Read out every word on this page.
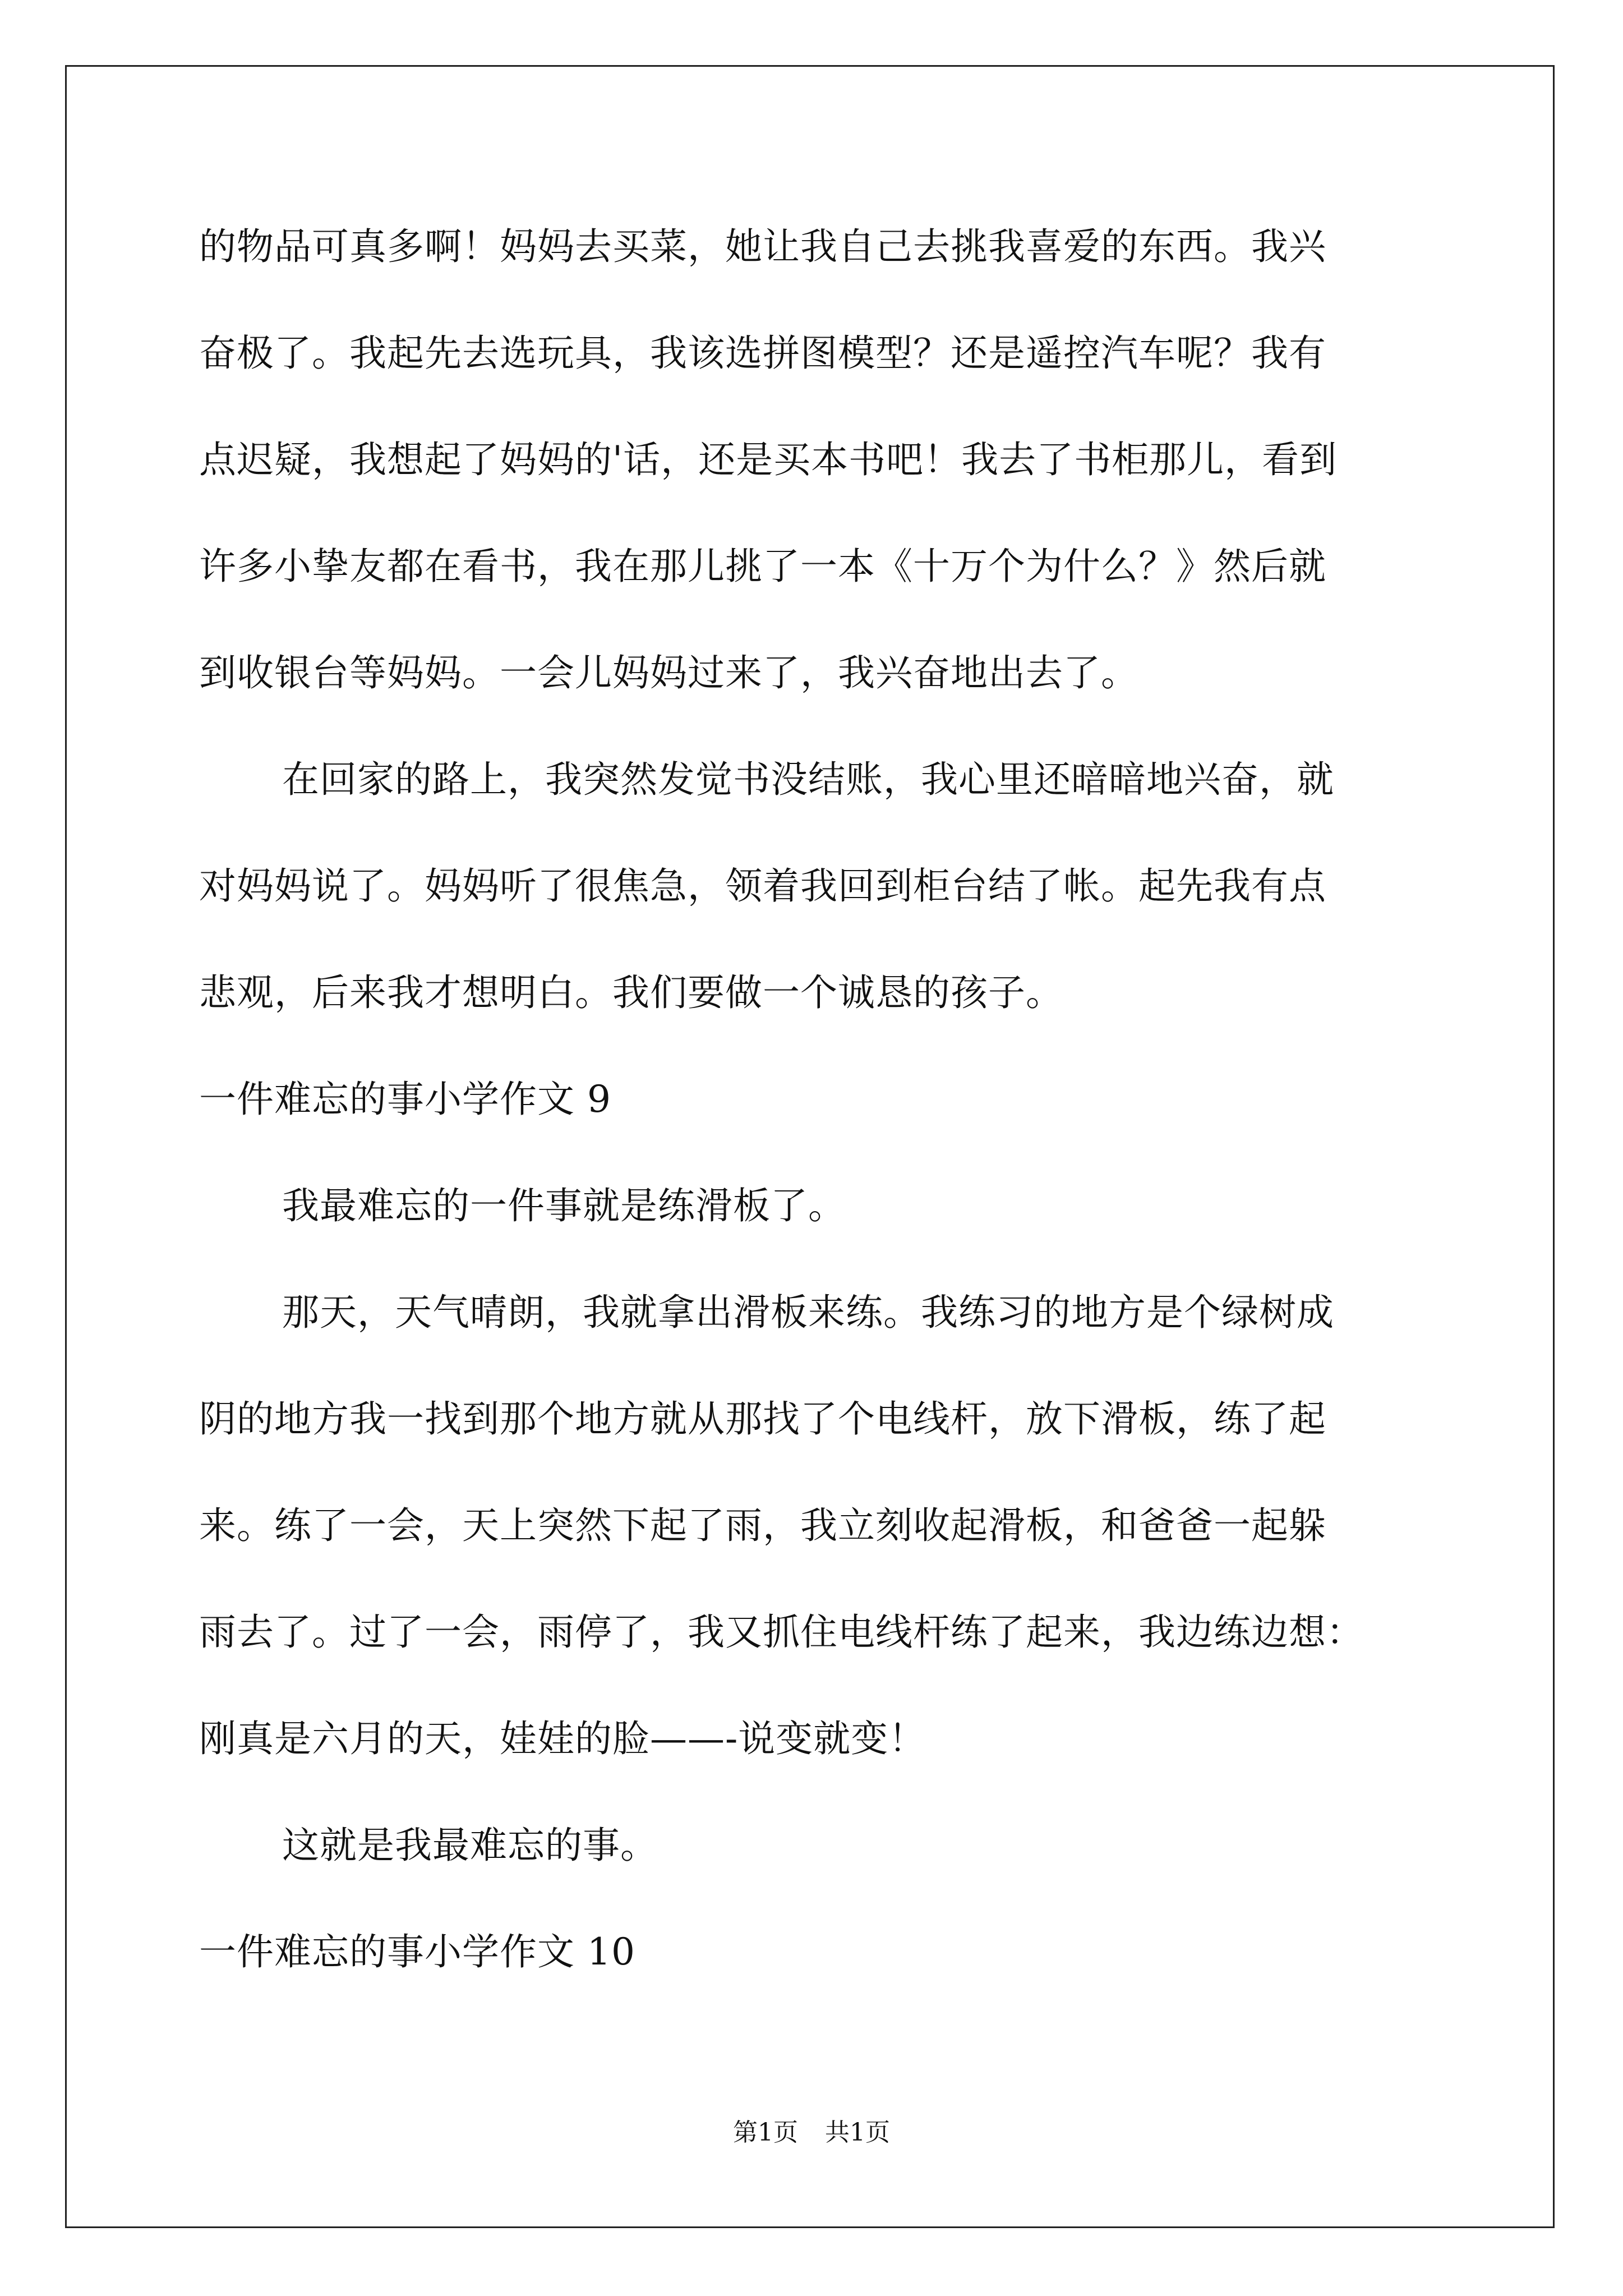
的物品可真多啊！妈妈去买菜，她让我自己去挑我喜爱的东西。我兴
奋极了。我起先去选玩具，我该选拼图模型？还是遥控汽车呢？我有
点迟疑，我想起了妈妈的'话，还是买本书吧！我去了书柜那儿，看到
许多小挚友都在看书，我在那儿挑了一本《十万个为什么？》然后就
到收银台等妈妈。一会儿妈妈过来了，我兴奋地出去了。
在回家的路上，我突然发觉书没结账，我心里还暗暗地兴奋，就
对妈妈说了。妈妈听了很焦急，领着我回到柜台结了帐。起先我有点
悲观，后来我才想明白。我们要做一个诚恳的孩子。
一件难忘的事小学作文 9
我最难忘的一件事就是练滑板了。
那天，天气晴朗，我就拿出滑板来练。我练习的地方是个绿树成
阴的地方我一找到那个地方就从那找了个电线杆，放下滑板，练了起
来。练了一会，天上突然下起了雨，我立刻收起滑板，和爸爸一起躲
雨去了。过了一会，雨停了，我又抓住电线杆练了起来，我边练边想：
刚真是六月的天，娃娃的脸——-说变就变！
这就是我最难忘的事。
一件难忘的事小学作文 10
第1页 共1页
